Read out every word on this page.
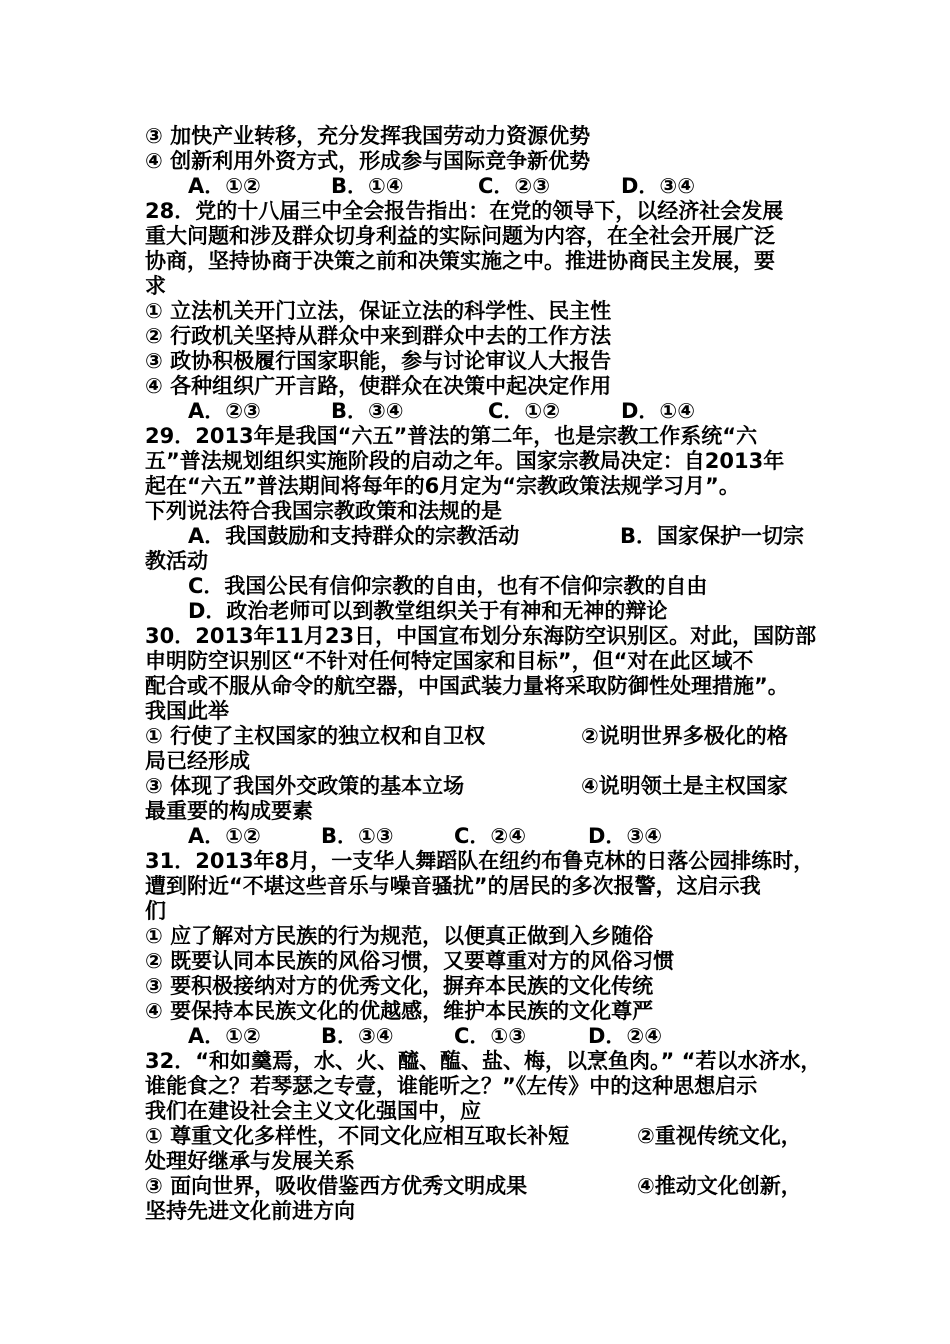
③ 加快产业转移，充分发挥我国劳动力资源优势
④ 创新利用外资方式，形成参与国际竞争新优势
A．①②	B．①④	C．②③	D．③④
28．党的十八届三中全会报告指出：在党的领导下，以经济社会发展
重大问题和涉及群众切身利益的实际问题为内容，在全社会开展广泛
协商，坚持协商于决策之前和决策实施之中。推进协商民主发展，要
求
① 立法机关开门立法，保证立法的科学性、民主性
② 行政机关坚持从群众中来到群众中去的工作方法
③ 政协积极履行国家职能，参与讨论审议人大报告
④ 各种组织广开言路，使群众在决策中起决定作用
A．②③	B．③④	C．①②	D．①④
29．2013年是我国“六五”普法的第二年，也是宗教工作系统“六
五”普法规划组织实施阶段的启动之年。国家宗教局决定：自2013年
起在“六五”普法期间将每年的6月定为“宗教政策法规学习月”。
下列说法符合我国宗教政策和法规的是
A．我国鼓励和支持群众的宗教活动	B．国家保护一切宗
教活动
C．我国公民有信仰宗教的自由，也有不信仰宗教的自由
D．政治老师可以到教堂组织关于有神和无神的辩论
30．2013年11月23日，中国宣布划分东海防空识别区。对此，国防部
申明防空识别区“不针对任何特定国家和目标”，但“对在此区域不
配合或不服从命令的航空器，中国武装力量将采取防御性处理措施”。
我国此举
① 行使了主权国家的独立权和自卫权	②说明世界多极化的格
局已经形成
③ 体现了我国外交政策的基本立场	④说明领土是主权国家
最重要的构成要素
A．①②	B．①③	C．②④	D．③④
31．2013年8月，一支华人舞蹈队在纽约布鲁克林的日落公园排练时，
遭到附近“不堪这些音乐与噪音骚扰”的居民的多次报警，这启示我
们
① 应了解对方民族的行为规范，以便真正做到入乡随俗
② 既要认同本民族的风俗习惯，又要尊重对方的风俗习惯
③ 要积极接纳对方的优秀文化，摒弃本民族的文化传统
④ 要保持本民族文化的优越感，维护本民族的文化尊严
A．①②	B．③④	C．①③	D．②④
32．“和如羹焉，水、火、醯、醢、盐、梅，以烹鱼肉。” “若以水济水，
谁能食之？若琴瑟之专壹，谁能听之？”《左传》中的这种思想启示
我们在建设社会主义文化强国中，应
① 尊重文化多样性，不同文化应相互取长补短	②重视传统文化，
处理好继承与发展关系
③ 面向世界，吸收借鉴西方优秀文明成果	④推动文化创新，
坚持先进文化前进方向
